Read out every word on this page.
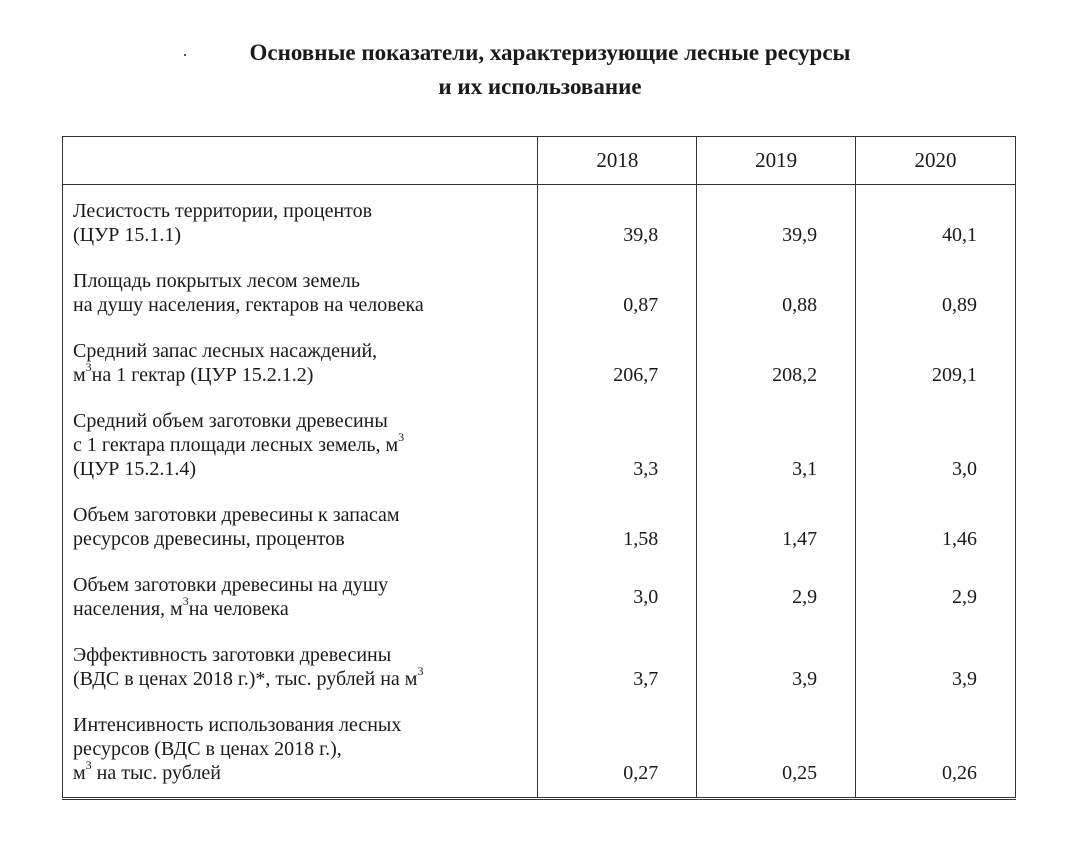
Основные показатели, характеризующие лесные ресурсы
и их использование
	2018	2019	2020
Лесистость территории, процентов
(ЦУР 15.1.1)	39,8	39,9	40,1
Площадь покрытых лесом земель
на душу населения, гектаров на человека	0,87	0,88	0,89
Средний запас лесных насаждений,
$м^3на$ 1 гектар (ЦУР 15.2.1.2)	206,7	208,2	209,1
Средний объем заготовки древесины
с 1 гектара площади лесных земель, $м^3$
(ЦУР 15.2.1.4)	3,3	3,1	3,0
Объем заготовки древесины к запасам
ресурсов древесины, процентов	1,58	1,47	1,46
Объем заготовки древесины на душу
населения, $м^3на$ человека	3,0	2,9	2,9
Эффективность заготовки древесины
(ВДС в ценах 2018 г.)*, тыс. рублей на $м^3$	3,7	3,9	3,9
Интенсивность использования лесных
ресурсов (ВДС в ценах 2018 г.),
$м^3$ на тыс. рублей	0,27	0,25	0,26
